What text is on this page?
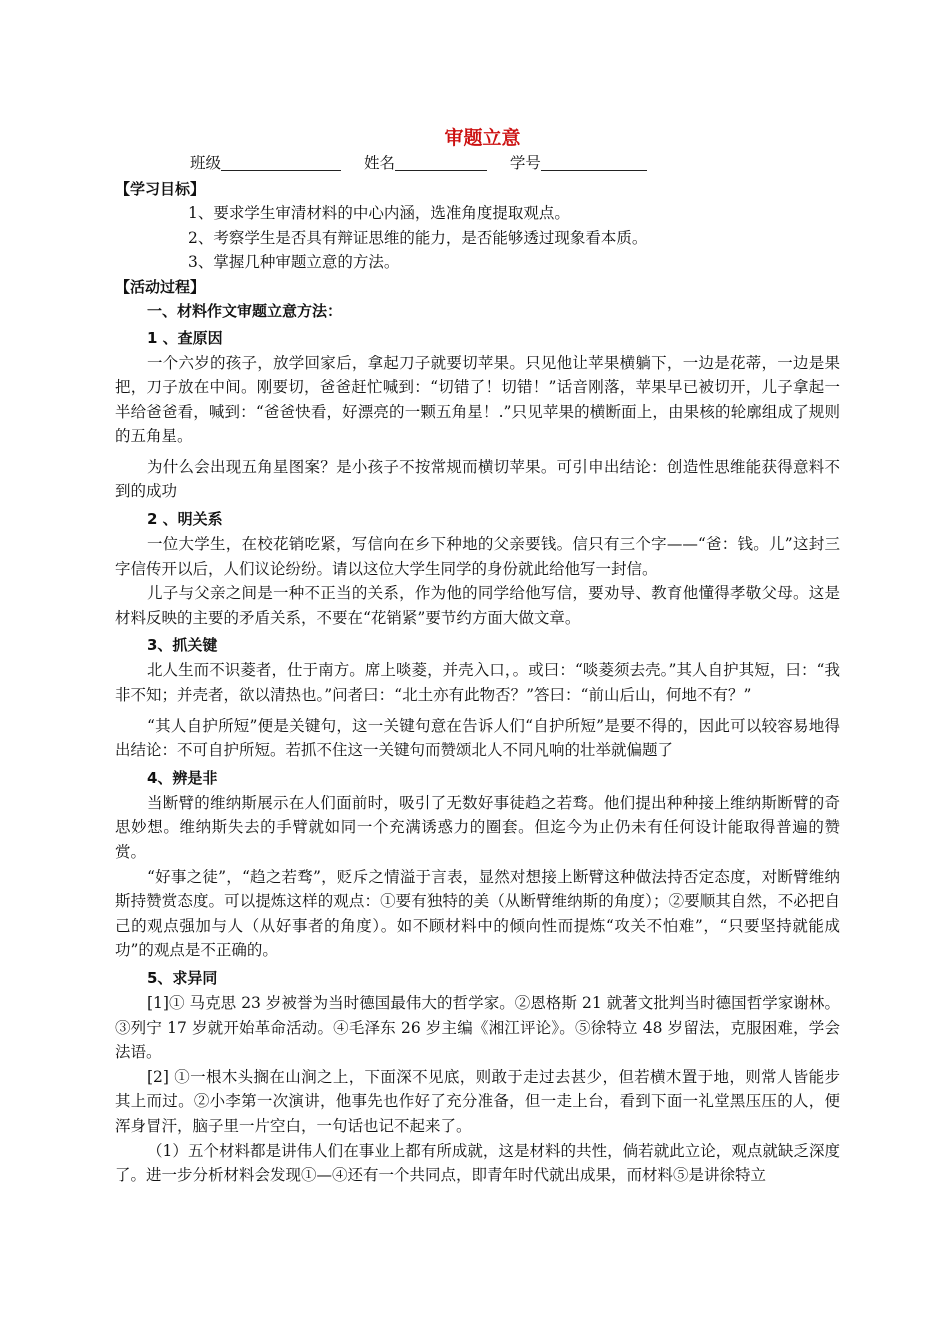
审题立意

班级	姓名	学号

【学习目标】

1、要求学生审清材料的中心内涵，选准角度提取观点。

2、考察学生是否具有辩证思维的能力，是否能够透过现象看本质。

3、掌握几种审题立意的方法。

【活动过程】

一、材料作文审题立意方法：

1 、查原因

一个六岁的孩子，放学回家后，拿起刀子就要切苹果。只见他让苹果横躺下，一边是花蒂，一边是果把，刀子放在中间。刚要切，爸爸赶忙喊到：“切错了！切错！”话音刚落，苹果早已被切开，儿子拿起一半给爸爸看，喊到：“爸爸快看，好漂亮的一颗五角星！.”只见苹果的横断面上，由果核的轮廓组成了规则的五角星。

为什么会出现五角星图案？是小孩子不按常规而横切苹果。可引申出结论：创造性思维能获得意料不到的成功

2 、明关系

一位大学生，在校花销吃紧，写信向在乡下种地的父亲要钱。信只有三个字——“爸：钱。儿”这封三字信传开以后，人们议论纷纷。请以这位大学生同学的身份就此给他写一封信。

儿子与父亲之间是一种不正当的关系，作为他的同学给他写信，要劝导、教育他懂得孝敬父母。这是材料反映的主要的矛盾关系，不要在“花销紧”要节约方面大做文章。

3、抓关键

北人生而不识菱者，仕于南方。席上啖菱，并壳入口，。或曰：“啖菱须去壳。”其人自护其短，曰：“我非不知；并壳者，欲以清热也。”问者曰：“北土亦有此物否？”答曰：“前山后山，何地不有？”

“其人自护所短”便是关键句，这一关键句意在告诉人们“自护所短”是要不得的，因此可以较容易地得出结论：不可自护所短。若抓不住这一关键句而赞颂北人不同凡响的壮举就偏题了

4、辨是非

当断臂的维纳斯展示在人们面前时，吸引了无数好事徒趋之若骛。他们提出种种接上维纳斯断臂的奇思妙想。维纳斯失去的手臂就如同一个充满诱惑力的圈套。但迄今为止仍未有任何设计能取得普遍的赞赏。

“好事之徒”，“趋之若骛”，贬斥之情溢于言表，显然对想接上断臂这种做法持否定态度，对断臂维纳斯持赞赏态度。可以提炼这样的观点：①要有独特的美（从断臂维纳斯的角度）；②要顺其自然，不必把自己的观点强加与人（从好事者的角度）。如不顾材料中的倾向性而提炼“攻关不怕难”，“只要坚持就能成功”的观点是不正确的。

5、求异同

[1]① 马克思 23 岁被誉为当时德国最伟大的哲学家。②恩格斯 21 就著文批判当时德国哲学家谢林。③列宁 17 岁就开始革命活动。④毛泽东 26 岁主编《湘江评论》。⑤徐特立 48 岁留法，克服困难，学会法语。

[2] ①一根木头搁在山涧之上，下面深不见底，则敢于走过去甚少，但若横木置于地，则常人皆能步其上而过。②小李第一次演讲，他事先也作好了充分准备，但一走上台，看到下面一礼堂黑压压的人，便浑身冒汗，脑子里一片空白，一句话也记不起来了。

（1）五个材料都是讲伟人们在事业上都有所成就，这是材料的共性，倘若就此立论，观点就缺乏深度了。进一步分析材料会发现①—④还有一个共同点，即青年时代就出成果，而材料⑤是讲徐特立
